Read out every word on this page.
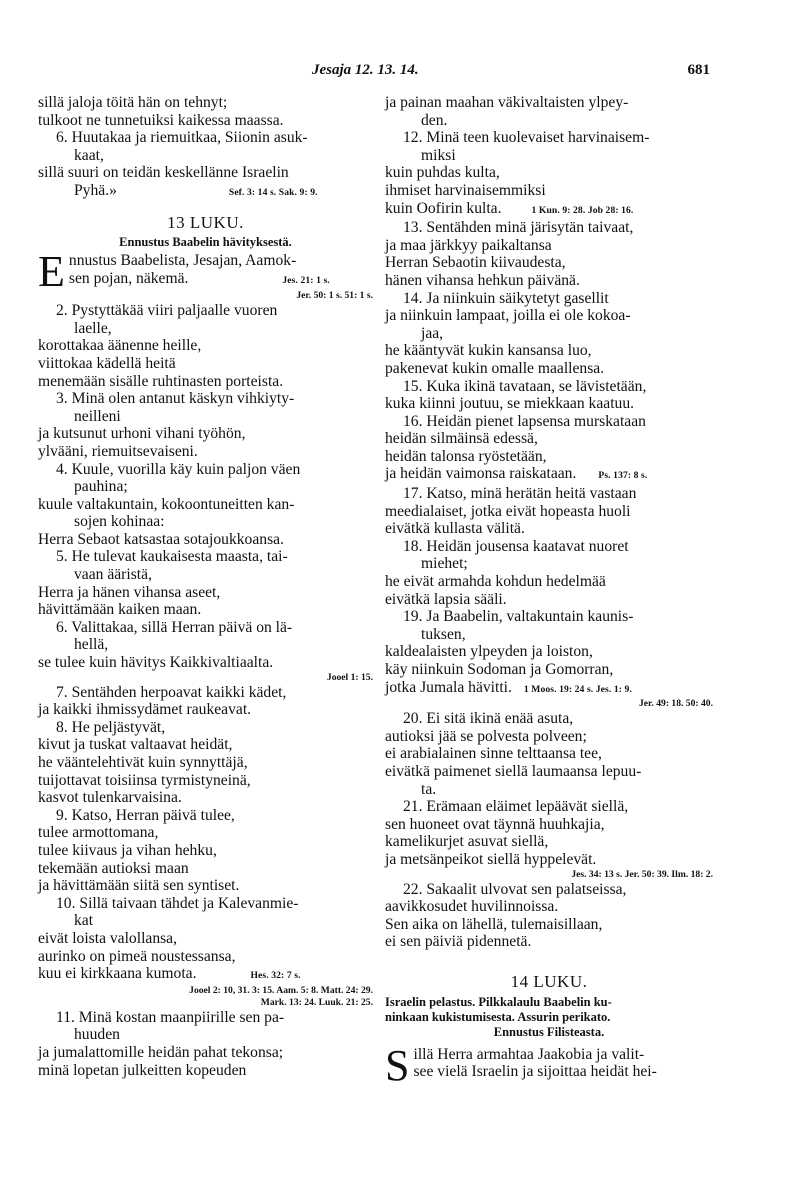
Jesaja 12. 13. 14.	681
sillä jaloja töitä hän on tehnyt;
tulkoot ne tunnetuiksi kaikessa maassa.
6. Huutakaa ja riemuitkaa, Siionin asuk-
kaat,
sillä suuri on teidän keskellänne Israelin
Pyhä.»	Sef. 3: 14 s. Sak. 9: 9.
13 LUKU.
Ennustus Baabelin hävityksestä.
E nnustus Baabelista, Jesajan, Aamok-
sen pojan, näkemä.	Jes. 21: 1 s.
Jer. 50: 1 s. 51: 1 s.
2. Pystyttäkää viiri paljaalle vuoren
laelle,
korottakaa äänenne heille,
viittokaa kädellä heitä
menemään sisälle ruhtinasten porteista.
3. Minä olen antanut käskyn vihkiyty-
neilleni
ja kutsunut urhoni vihani työhön,
ylvääni, riemuitsevaiseni.
4. Kuule, vuorilla käy kuin paljon väen
pauhina;
kuule valtakuntain, kokoontuneitten kan-
sojen kohinaa:
Herra Sebaot katsastaa sotajoukkoansa.
5. He tulevat kaukaisesta maasta, tai-
vaan ääristä,
Herra ja hänen vihansa aseet,
hävittämään kaiken maan.
6. Valittakaa, sillä Herran päivä on lä-
hellä,
se tulee kuin hävitys Kaikkivaltiaalta.
Jooel 1: 15.
7. Sentähden herpoavat kaikki kädet,
ja kaikki ihmissydämet raukeavat.
8. He peljästyvät,
kivut ja tuskat valtaavat heidät,
he vääntelehtivät kuin synnyttäjä,
tuijottavat toisiinsa tyrmistyneinä,
kasvot tulenkarvaisina.
9. Katso, Herran päivä tulee,
tulee armottomana,
tulee kiivaus ja vihan hehku,
tekemään autioksi maan
ja hävittämään siitä sen syntiset.
10. Sillä taivaan tähdet ja Kalevanmie-
kat
eivät loista valollansa,
aurinko on pimeä noustessansa,
kuu ei kirkkaana kumota.	Hes. 32: 7 s.
Jooel 2: 10, 31. 3: 15. Aam. 5: 8. Matt. 24: 29.
Mark. 13: 24. Luuk. 21: 25.
11. Minä kostan maanpiirille sen pa-
huuden
ja jumalattomille heidän pahat tekonsa;
minä lopetan julkeitten kopeuden
ja painan maahan väkivaltaisten ylpey-
den.
12. Minä teen kuolevaiset harvinaisem-
miksi
kuin puhdas kulta,
ihmiset harvinaisemmiksi
kuin Oofirin kulta.	1 Kun. 9: 28. Job 28: 16.
13. Sentähden minä järisytän taivaat,
ja maa järkkyy paikaltansa
Herran Sebaotin kiivaudesta,
hänen vihansa hehkun päivänä.
14. Ja niinkuin säikytetyt gasellit
ja niinkuin lampaat, joilla ei ole kokoa-
jaa,
he kääntyvät kukin kansansa luo,
pakenevat kukin omalle maallensa.
15. Kuka ikinä tavataan, se lävistetään,
kuka kiinni joutuu, se miekkaan kaatuu.
16. Heidän pienet lapsensa murskataan
heidän silmäinsä edessä,
heidän talonsa ryöstetään,
ja heidän vaimonsa raiskataan. Ps. 137: 8 s.
17. Katso, minä herätän heitä vastaan
meedialaiset, jotka eivät hopeasta huoli
eivätkä kullasta välitä.
18. Heidän jousensa kaatavat nuoret
miehet;
he eivät armahda kohdun hedelmää
eivätkä lapsia sääli.
19. Ja Baabelin, valtakuntain kaunis-
tuksen,
kaldealaisten ylpeyden ja loiston,
käy niinkuin Sodoman ja Gomorran,
jotka Jumala hävitti. 1 Moos. 19: 24 s. Jes. 1: 9.
Jer. 49: 18. 50: 40.
20. Ei sitä ikinä enää asuta,
autioksi jää se polvesta polveen;
ei arabialainen sinne telttaansa tee,
eivätkä paimenet siellä laumaansa lepuu-
ta.
21. Erämaan eläimet lepäävät siellä,
sen huoneet ovat täynnä huuhkajia,
kamelikurjet asuvat siellä,
ja metsänpeikot siellä hyppelevät.
Jes. 34: 13 s. Jer. 50: 39. Ilm. 18: 2.
22. Sakaalit ulvovat sen palatseissa,
aavikkosudet huvilinnoissa.
Sen aika on lähellä, tulemaisillaan,
ei sen päiviä pidennetä.
14 LUKU.
Israelin pelastus. Pilkkalaulu Baabelin ku-
ninkaan kukistumisesta. Assurin perikato.
Ennustus Filisteasta.
S illä Herra armahtaa Jaakobia ja valit-
see vielä Israelin ja sijoittaa heidät hei-
